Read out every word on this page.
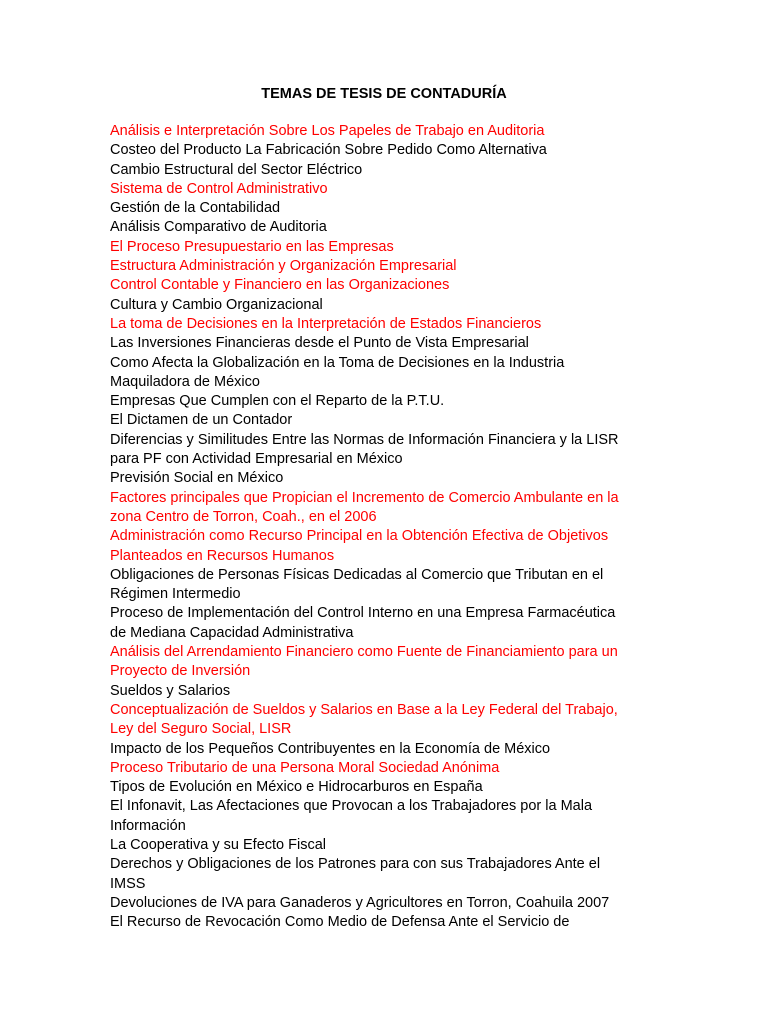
TEMAS DE TESIS DE CONTADURÍA
Análisis e Interpretación Sobre Los Papeles de Trabajo en Auditoria
Costeo del Producto La Fabricación Sobre Pedido Como Alternativa
Cambio Estructural del Sector Eléctrico
Sistema de Control Administrativo
Gestión de la Contabilidad
Análisis Comparativo de Auditoria
El Proceso Presupuestario en las Empresas
Estructura Administración y Organización Empresarial
Control Contable y Financiero en las Organizaciones
Cultura y Cambio Organizacional
La toma de Decisiones en la Interpretación de Estados Financieros
Las Inversiones Financieras desde el Punto de Vista Empresarial
Como Afecta la Globalización en la Toma de Decisiones en la Industria
Maquiladora de México
Empresas Que Cumplen con el Reparto de la P.T.U.
El Dictamen de un Contador
Diferencias y Similitudes Entre las Normas de Información Financiera y la LISR
para PF con Actividad Empresarial en México
Previsión Social en México
Factores principales que Propician el Incremento de Comercio Ambulante en la
zona Centro de Torron, Coah., en el 2006
Administración como Recurso Principal en la Obtención Efectiva de Objetivos
Planteados en Recursos Humanos
Obligaciones de Personas Físicas Dedicadas al Comercio que Tributan en el
Régimen Intermedio
Proceso de Implementación del Control Interno en una Empresa Farmacéutica
de Mediana Capacidad Administrativa
Análisis del Arrendamiento Financiero como Fuente de Financiamiento para un
Proyecto de Inversión
Sueldos y Salarios
Conceptualización de Sueldos y Salarios en Base a la Ley Federal del Trabajo,
Ley del Seguro Social, LISR
Impacto de los Pequeños Contribuyentes en la Economía de México
Proceso Tributario de una Persona Moral Sociedad Anónima
Tipos de Evolución en México e Hidrocarburos en España
El Infonavit, Las Afectaciones que Provocan a los Trabajadores por la Mala
Información
La Cooperativa y su Efecto Fiscal
Derechos y Obligaciones de los Patrones para con sus Trabajadores Ante el
IMSS
Devoluciones de IVA para Ganaderos y Agricultores en Torron, Coahuila 2007
El Recurso de Revocación Como Medio de Defensa Ante el Servicio de
